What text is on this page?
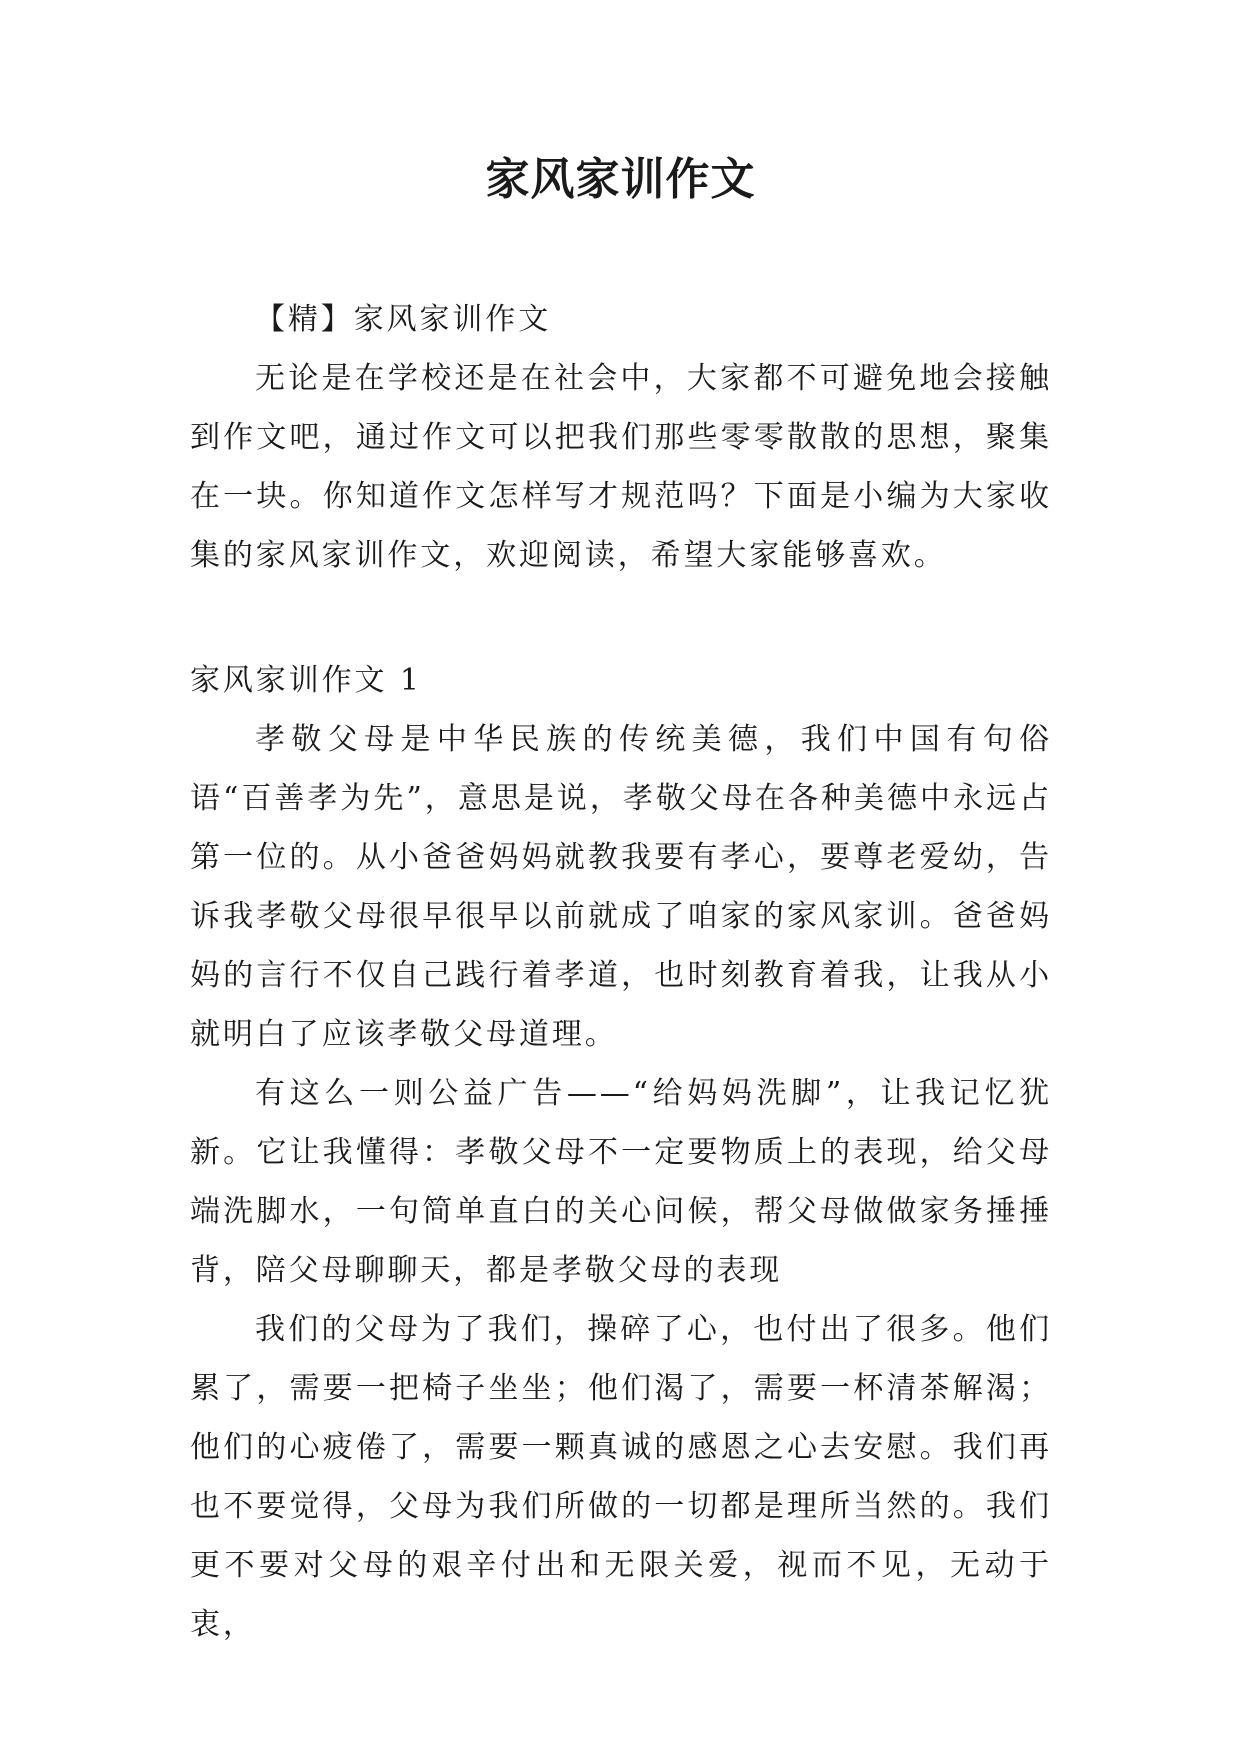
家风家训作文

【精】家风家训作文

无论是在学校还是在社会中，大家都不可避免地会接触到作文吧，通过作文可以把我们那些零零散散的思想，聚集在一块。你知道作文怎样写才规范吗？下面是小编为大家收集的家风家训作文，欢迎阅读，希望大家能够喜欢。

家风家训作文 1

孝敬父母是中华民族的传统美德，我们中国有句俗语“百善孝为先”，意思是说，孝敬父母在各种美德中永远占第一位的。从小爸爸妈妈就教我要有孝心，要尊老爱幼，告诉我孝敬父母很早很早以前就成了咱家的家风家训。爸爸妈妈的言行不仅自己践行着孝道，也时刻教育着我，让我从小就明白了应该孝敬父母道理。

有这么一则公益广告——“给妈妈洗脚”，让我记忆犹新。它让我懂得：孝敬父母不一定要物质上的表现，给父母端洗脚水，一句简单直白的关心问候，帮父母做做家务捶捶背，陪父母聊聊天，都是孝敬父母的表现

我们的父母为了我们，操碎了心，也付出了很多。他们累了，需要一把椅子坐坐；他们渴了，需要一杯清茶解渴；他们的心疲倦了，需要一颗真诚的感恩之心去安慰。我们再也不要觉得，父母为我们所做的一切都是理所当然的。我们更不要对父母的艰辛付出和无限关爱，视而不见，无动于衷，
